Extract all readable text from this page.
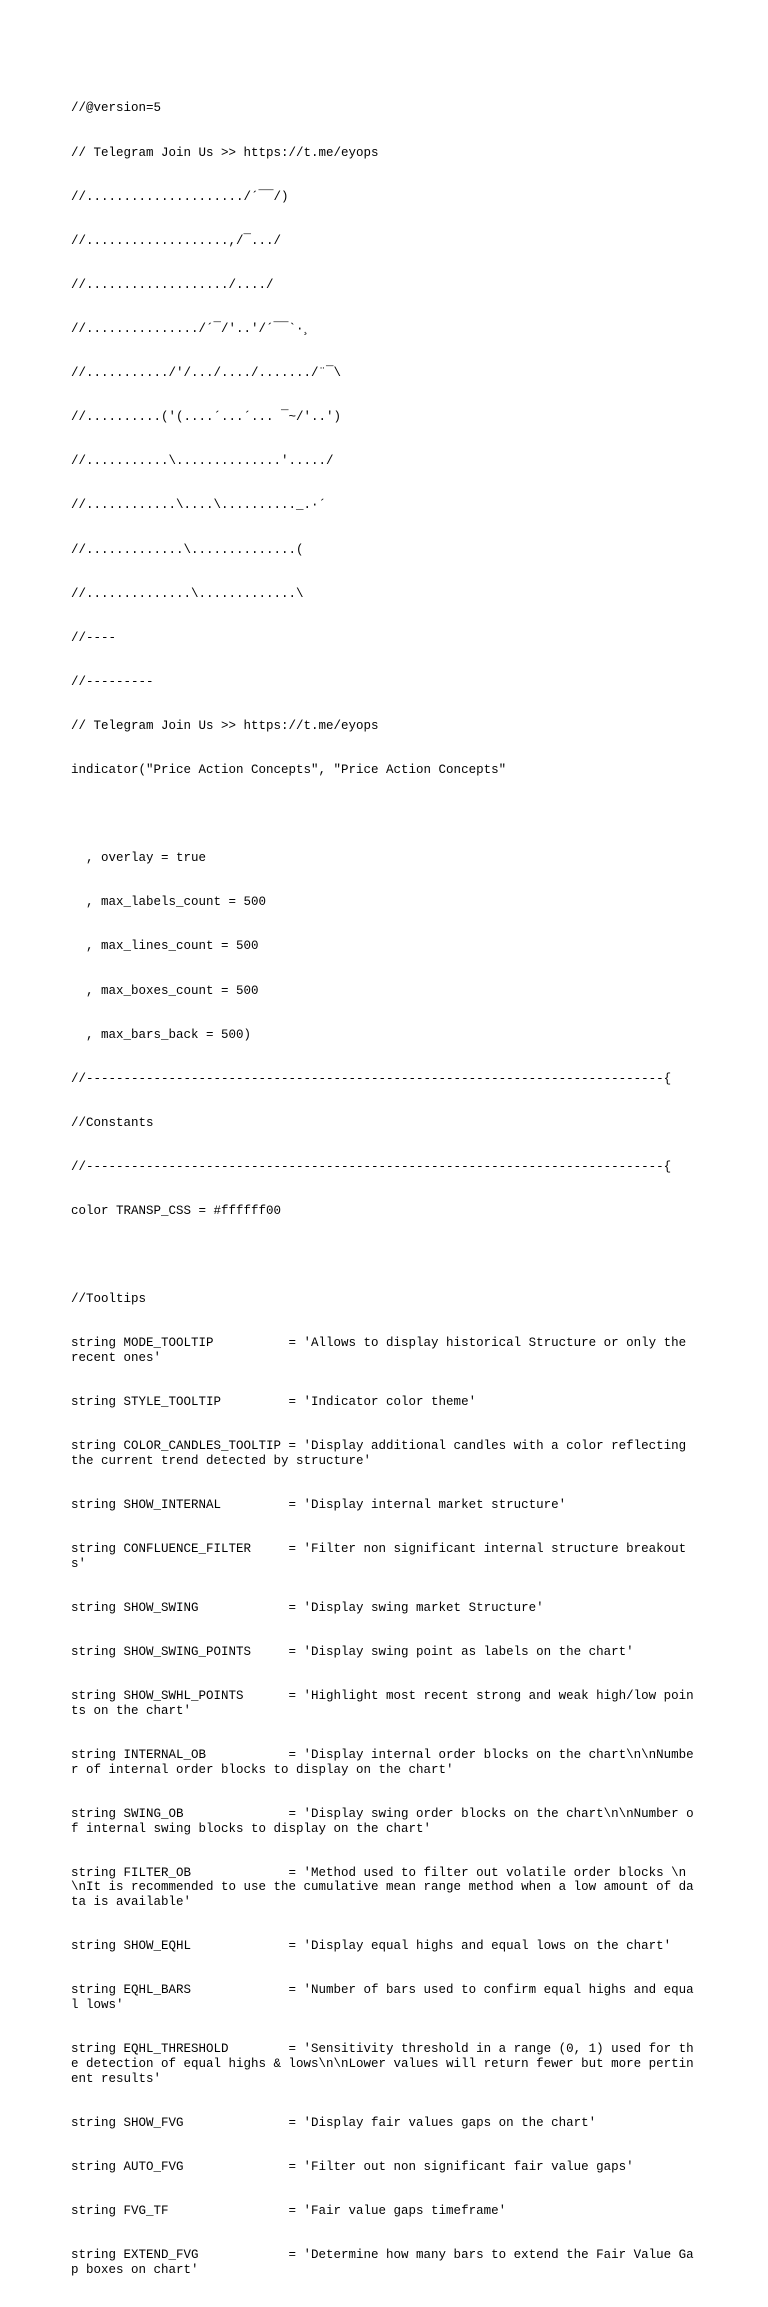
//@version=5

// Telegram Join Us >> https://t.me/eyops

//...................../´¯¯/)

//...................,/¯.../

//.................../..../

//.............../´¯/'..'/´¯¯`·¸

//.........../'/.../..../......./¨¯\

//..........('(....´...´... ¯~/'..')

//...........\..............'...../

//............\....\.........._.·´

//.............\..............(

//..............\.............\

//----

//---------

// Telegram Join Us >> https://t.me/eyops

indicator("Price Action Concepts", "Price Action Concepts"

, overlay = true

, max_labels_count = 500

, max_lines_count = 500

, max_boxes_count = 500

, max_bars_back = 500)

//-----------------------------------------------------------------------------{

//Constants

//-----------------------------------------------------------------------------{

color TRANSP_CSS = #ffffff00

//Tooltips

string MODE_TOOLTIP          = 'Allows to display historical Structure or only the recent ones'

string STYLE_TOOLTIP         = 'Indicator color theme'

string COLOR_CANDLES_TOOLTIP = 'Display additional candles with a color reflecting the current trend detected by structure'

string SHOW_INTERNAL         = 'Display internal market structure'

string CONFLUENCE_FILTER     = 'Filter non significant internal structure breakouts'

string SHOW_SWING            = 'Display swing market Structure'

string SHOW_SWING_POINTS     = 'Display swing point as labels on the chart'

string SHOW_SWHL_POINTS      = 'Highlight most recent strong and weak high/low points on the chart'

string INTERNAL_OB           = 'Display internal order blocks on the chart\n\nNumber of internal order blocks to display on the chart'

string SWING_OB              = 'Display swing order blocks on the chart\n\nNumber of internal swing blocks to display on the chart'

string FILTER_OB             = 'Method used to filter out volatile order blocks \n\nIt is recommended to use the cumulative mean range method when a low amount of data is available'

string SHOW_EQHL             = 'Display equal highs and equal lows on the chart'

string EQHL_BARS             = 'Number of bars used to confirm equal highs and equal lows'

string EQHL_THRESHOLD        = 'Sensitivity threshold in a range (0, 1) used for the detection of equal highs & lows\n\nLower values will return fewer but more pertinent results'

string SHOW_FVG              = 'Display fair values gaps on the chart'

string AUTO_FVG              = 'Filter out non significant fair value gaps'

string FVG_TF                = 'Fair value gaps timeframe'

string EXTEND_FVG            = 'Determine how many bars to extend the Fair Value Gap boxes on chart'
